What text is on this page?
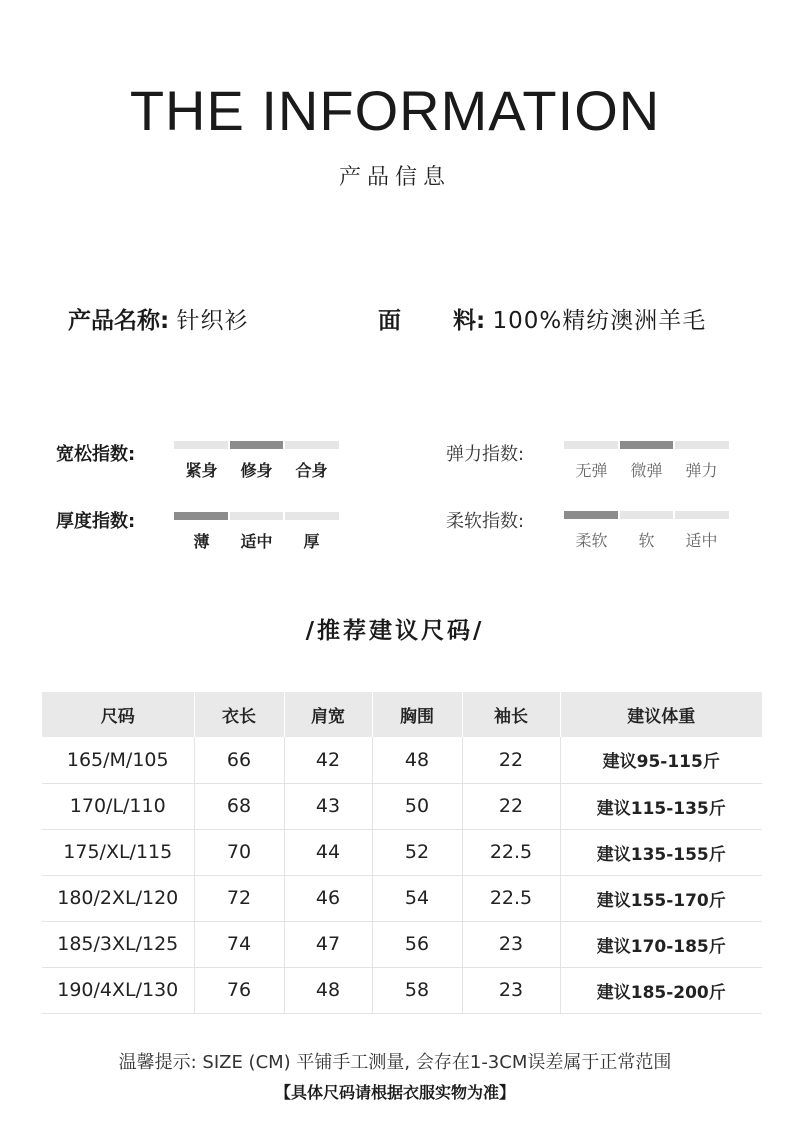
THE INFORMATION
产品信息
产品名称: 针织衫	面 料: 100%精纺澳洲羊毛
宽松指数:
紧身	修身	合身
弹力指数:
无弹	微弹	弹力
厚度指数:
薄	适中	厚
柔软指数:
柔软	软	适中
/推荐建议尺码/
尺码	衣长	肩宽	胸围	袖长	建议体重
165/M/105	66	42	48	22	建议95-115斤
170/L/110	68	43	50	22	建议115-135斤
175/XL/115	70	44	52	22.5	建议135-155斤
180/2XL/120	72	46	54	22.5	建议155-170斤
185/3XL/125	74	47	56	23	建议170-185斤
190/4XL/130	76	48	58	23	建议185-200斤
温馨提示: SIZE (CM) 平铺手工测量, 会存在1-3CM误差属于正常范围
【具体尺码请根据衣服实物为准】
